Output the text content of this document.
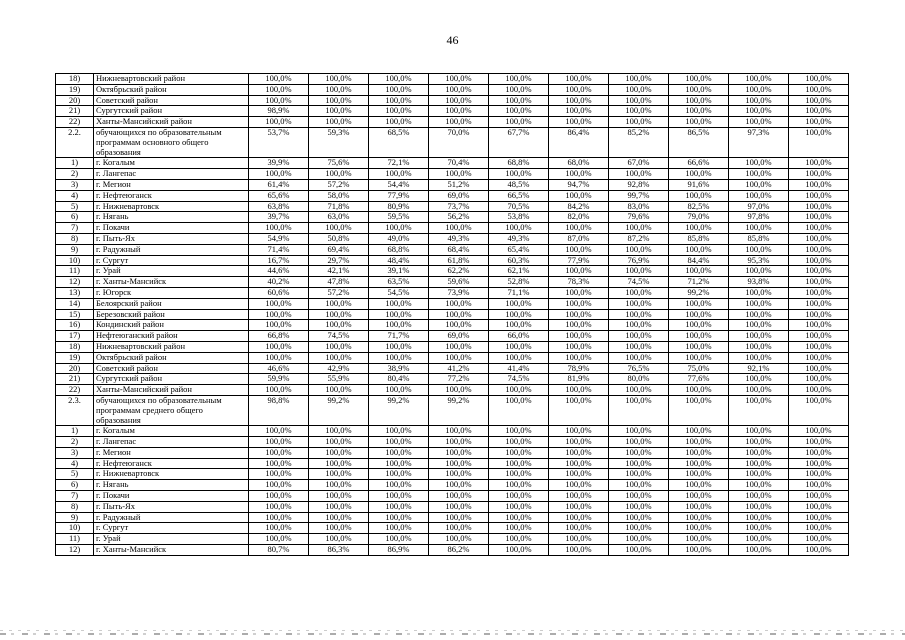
46
18)	Нижневартовский район	100,0%	100,0%	100,0%	100,0%	100,0%	100,0%	100,0%	100,0%	100,0%	100,0%
19)	Октябрьский район	100,0%	100,0%	100,0%	100,0%	100,0%	100,0%	100,0%	100,0%	100,0%	100,0%
20)	Советский район	100,0%	100,0%	100,0%	100,0%	100,0%	100,0%	100,0%	100,0%	100,0%	100,0%
21)	Сургутский район	98,9%	100,0%	100,0%	100,0%	100,0%	100,0%	100,0%	100,0%	100,0%	100,0%
22)	Ханты-Мансийский район	100,0%	100,0%	100,0%	100,0%	100,0%	100,0%	100,0%	100,0%	100,0%	100,0%
2.2.	обучающихся по образовательным программам основного общего образования	53,7%	59,3%	68,5%	70,0%	67,7%	86,4%	85,2%	86,5%	97,3%	100,0%
1)	г. Когалым	39,9%	75,6%	72,1%	70,4%	68,8%	68,0%	67,0%	66,6%	100,0%	100,0%
2)	г. Лангепас	100,0%	100,0%	100,0%	100,0%	100,0%	100,0%	100,0%	100,0%	100,0%	100,0%
3)	г. Мегион	61,4%	57,2%	54,4%	51,2%	48,5%	94,7%	92,8%	91,6%	100,0%	100,0%
4)	г. Нефтеюганск	65,6%	58,0%	77,9%	69,0%	66,5%	100,0%	99,7%	100,0%	100,0%	100,0%
5)	г. Нижневартовск	63,8%	71,8%	80,9%	73,7%	70,5%	84,2%	83,0%	82,5%	97,0%	100,0%
6)	г. Нягань	39,7%	63,0%	59,5%	56,2%	53,8%	82,0%	79,6%	79,0%	97,8%	100,0%
7)	г. Покачи	100,0%	100,0%	100,0%	100,0%	100,0%	100,0%	100,0%	100,0%	100,0%	100,0%
8)	г. Пыть-Ях	54,9%	50,8%	49,0%	49,3%	49,3%	87,0%	87,2%	85,8%	85,8%	100,0%
9)	г. Радужный	71,4%	69,4%	68,8%	68,4%	65,4%	100,0%	100,0%	100,0%	100,0%	100,0%
10)	г. Сургут	16,7%	29,7%	48,4%	61,8%	60,3%	77,9%	76,9%	84,4%	95,3%	100,0%
11)	г. Урай	44,6%	42,1%	39,1%	62,2%	62,1%	100,0%	100,0%	100,0%	100,0%	100,0%
12)	г. Ханты-Мансийск	40,2%	47,8%	63,5%	59,6%	52,8%	78,3%	74,5%	71,2%	93,8%	100,0%
13)	г. Югорск	60,6%	57,2%	54,5%	73,9%	71,1%	100,0%	100,0%	99,2%	100,0%	100,0%
14)	Белоярский район	100,0%	100,0%	100,0%	100,0%	100,0%	100,0%	100,0%	100,0%	100,0%	100,0%
15)	Березовский район	100,0%	100,0%	100,0%	100,0%	100,0%	100,0%	100,0%	100,0%	100,0%	100,0%
16)	Кондинский район	100,0%	100,0%	100,0%	100,0%	100,0%	100,0%	100,0%	100,0%	100,0%	100,0%
17)	Нефтеюганский район	66,8%	74,5%	71,7%	69,0%	66,0%	100,0%	100,0%	100,0%	100,0%	100,0%
18)	Нижневартовский район	100,0%	100,0%	100,0%	100,0%	100,0%	100,0%	100,0%	100,0%	100,0%	100,0%
19)	Октябрьский район	100,0%	100,0%	100,0%	100,0%	100,0%	100,0%	100,0%	100,0%	100,0%	100,0%
20)	Советский район	46,6%	42,9%	38,9%	41,2%	41,4%	78,9%	76,5%	75,0%	92,1%	100,0%
21)	Сургутский район	59,9%	55,9%	80,4%	77,2%	74,5%	81,9%	80,0%	77,6%	100,0%	100,0%
22)	Ханты-Мансийский район	100,0%	100,0%	100,0%	100,0%	100,0%	100,0%	100,0%	100,0%	100,0%	100,0%
2.3.	обучающихся по образовательным программам среднего общего образования	98,8%	99,2%	99,2%	99,2%	100,0%	100,0%	100,0%	100,0%	100,0%	100,0%
1)	г. Когалым	100,0%	100,0%	100,0%	100,0%	100,0%	100,0%	100,0%	100,0%	100,0%	100,0%
2)	г. Лангепас	100,0%	100,0%	100,0%	100,0%	100,0%	100,0%	100,0%	100,0%	100,0%	100,0%
3)	г. Мегион	100,0%	100,0%	100,0%	100,0%	100,0%	100,0%	100,0%	100,0%	100,0%	100,0%
4)	г. Нефтеюганск	100,0%	100,0%	100,0%	100,0%	100,0%	100,0%	100,0%	100,0%	100,0%	100,0%
5)	г. Нижневартовск	100,0%	100,0%	100,0%	100,0%	100,0%	100,0%	100,0%	100,0%	100,0%	100,0%
6)	г. Нягань	100,0%	100,0%	100,0%	100,0%	100,0%	100,0%	100,0%	100,0%	100,0%	100,0%
7)	г. Покачи	100,0%	100,0%	100,0%	100,0%	100,0%	100,0%	100,0%	100,0%	100,0%	100,0%
8)	г. Пыть-Ях	100,0%	100,0%	100,0%	100,0%	100,0%	100,0%	100,0%	100,0%	100,0%	100,0%
9)	г. Радужный	100,0%	100,0%	100,0%	100,0%	100,0%	100,0%	100,0%	100,0%	100,0%	100,0%
10)	г. Сургут	100,0%	100,0%	100,0%	100,0%	100,0%	100,0%	100,0%	100,0%	100,0%	100,0%
11)	г. Урай	100,0%	100,0%	100,0%	100,0%	100,0%	100,0%	100,0%	100,0%	100,0%	100,0%
12)	г. Ханты-Мансийск	80,7%	86,3%	86,9%	86,2%	100,0%	100,0%	100,0%	100,0%	100,0%	100,0%
